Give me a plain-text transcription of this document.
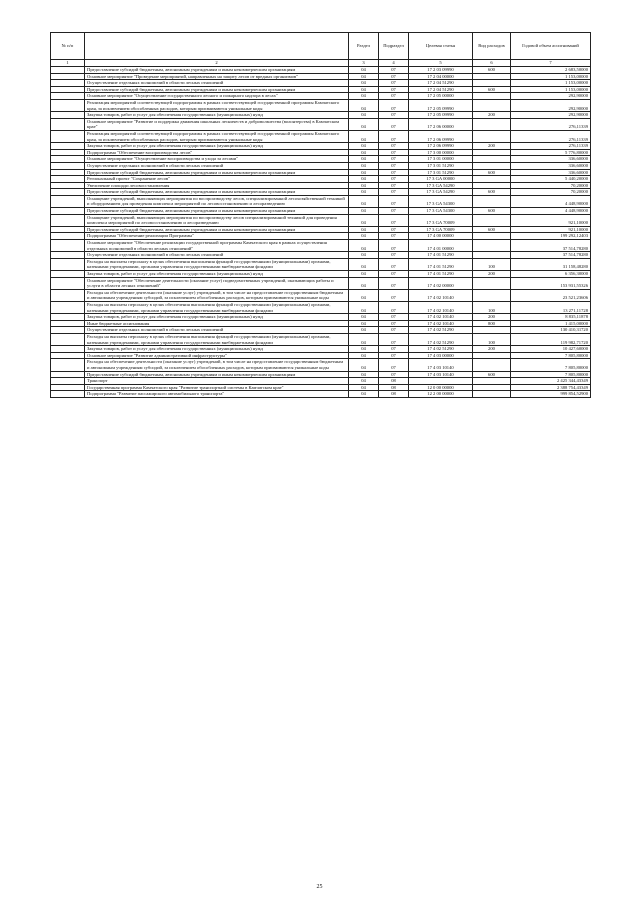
№ п/п		Раздел	Подраздел	Целевая статья	Вид расходов	Годовой объем ассигнований
1	2	3	4	5	6	7
	Предоставление субсидий бюджетным, автономным учреждениям и иным некоммерческим организациям	04	07	17 2 03 09990	600	2 683,50000
	Основное мероприятие "Проведение мероприятий, направленных на защиту лесов от вредных организмов"	04	07	17 2 04 00000		1 153,00000
	Осуществление отдельных полномочий в области лесных отношений	04	07	17 2 04 51290		1 153,00000
	Предоставление субсидий бюджетным, автономным учреждениям и иным некоммерческим организациям	04	07	17 2 04 51290	600	1 153,00000
	Основное мероприятие "Осуществление государственного лесного и пожарного надзора в лесах"	04	07	17 2 05 00000		292,90000
	Реализация мероприятий соответствующей подпрограммы в рамках соответствующей государственной программы Камчатского края, за исключением обособленных расходов, которым присваиваются уникальные коды	04	07	17 2 05 09990		292,90000
	Закупка товаров, работ и услуг для обеспечения государственных (муниципальных) нужд	04	07	17 2 05 09990	200	292,90000
	Основное мероприятие "Развитие и поддержка движения школьных лесничеств и добровольчества (волонтерства) в Камчатском крае"	04	07	17 2 06 00000		276,11339
	Реализация мероприятий соответствующей подпрограммы в рамках соответствующей государственной программы Камчатского края, за исключением обособленных расходов, которым присваиваются уникальные коды	04	07	17 2 06 09990		276,11339
	Закупка товаров, работ и услуг для обеспечения государственных (муниципальных) нужд	04	07	17 2 06 09990	200	276,11339
	Подпрограмма "Обеспечение воспроизводства лесов"	04	07	17 3 00 00000		5 776,80000
	Основное мероприятие "Осуществление воспроизводства и ухода за лесами"	04	07	17 3 01 00000		336,60000
	Осуществление отдельных полномочий в области лесных отношений	04	07	17 3 01 51290		336,60000
	Предоставление субсидий бюджетным, автономным учреждениям и иным некоммерческим организациям	04	07	17 3 01 51290	600	336,60000
	Региональный проект "Сохранение лесов"	04	07	17 3 GA 00000		5 440,20000
	Увеличение площади лесовосстановления	04	07	17 3 GA 54290		70,20000
	Предоставление субсидий бюджетным, автономным учреждениям и иным некоммерческим организациям	04	07	17 3 GA 54290	600	70,20000
	Оснащение учреждений, выполняющих мероприятия по воспроизводству лесов, специализированной лесохозяйственной техникой и оборудованием для проведения комплекса мероприятий по лесовосстановлению и лесоразведению	04	07	17 3 GA 54300		4 448,90000
	Предоставление субсидий бюджетным, автономным учреждениям и иным некоммерческим организациям	04	07	17 3 GA 54300	600	4 448,90000
	Оснащение учреждений, выполняющих мероприятия по воспроизводству лесов специализированной техникой для проведения комплекса мероприятий по лесовосстановлению и лесоразведению	04	07	17 3 GA 70009		921,10000
	Предоставление субсидий бюджетным, автономным учреждениям и иным некоммерческим организациям	04	07	17 3 GA 70009	600	921,10000
	Подпрограмма "Обеспечение реализации Программы"	04	07	17 4 00 00000		199 292,12403
	Основное мероприятие "Обеспечение реализации государственной программы Камчатского края в рамках осуществления отдельных полномочий в области лесных отношений"	04	07	17 4 01 00000		37 514,78280
	Осуществление отдельных полномочий в области лесных отношений	04	07	17 4 01 51290		37 514,78280
	Расходы на выплаты персоналу в целях обеспечения выполнения функций государственными (муниципальными) органами, казенными учреждениями, органами управления государственными внебюджетными фондами	04	07	17 4 01 51290	100	31 158,48280
	Закупка товаров, работ и услуг для обеспечения государственных (муниципальных) нужд	04	07	17 4 01 51290	200	6 356,30000
	Основное мероприятие "Обеспечение деятельности (оказание услуг) подведомственных учреждений, оказывающих работы и услуги в области лесных отношений"	04	07	17 4 02 00000		153 931,55326
	Расходы на обеспечение деятельности (оказание услуг) учреждений, в том числе на предоставление государственным бюджетным и автономным учреждениям субсидий, за исключением обособленных расходов, которым присваиваются уникальные коды	04	07	17 4 02 10140		23 521,23606
	Расходы на выплаты персоналу в целях обеспечения выполнения функций государственными (муниципальными) органами, казенными учреждениями, органами управления государственными внебюджетными фондами	04	07	17 4 02 10140	100	13 271,11728
	Закупка товаров, работ и услуг для обеспечения государственных (муниципальных) нужд	04	07	17 4 02 10140	200	8 835,11878
	Иные бюджетные ассигнования	04	07	17 4 02 10140	800	1 415,00000
	Осуществление отдельных полномочий в области лесных отношений	04	07	17 4 02 51290		130 410,31720
	Расходы на выплаты персоналу в целях обеспечения выполнения функций государственными (муниципальными) органами, казенными учреждениями, органами управления государственными внебюджетными фондами	04	07	17 4 02 51290	100	119 982,71720
	Закупка товаров, работ и услуг для обеспечения государственных (муниципальных) нужд	04	07	17 4 02 51290	200	10 427,60000
	Основное мероприятие "Развитие административной инфраструктуры"	04	07	17 4 03 00000		7 805,80000
	Расходы на обеспечение деятельности (оказание услуг) учреждений, в том числе на предоставление государственным бюджетным и автономным учреждениям субсидий, за исключением обособленных расходов, которым присваиваются уникальные коды	04	07	17 4 03 10140		7 805,80000
	Предоставление субсидий бюджетным, автономным учреждениям и иным некоммерческим организациям	04	07	17 4 03 10140	600	7 805,80000
	Транспорт	04	08			2 425 344,43349
	Государственная программа Камчатского края "Развитие транспортной системы в Камчатском крае"	04	08	12 0 00 00000		2 388 754,43349
	Подпрограмма "Развитие пассажирского автомобильного транспорта"	04	08	12 2 00 00000		999 854,52900
25
